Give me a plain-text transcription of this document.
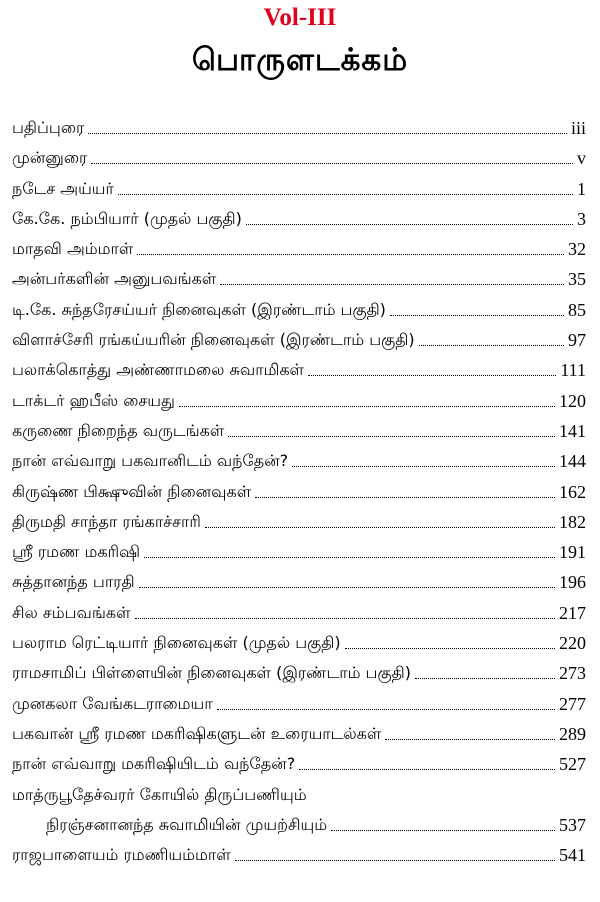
Vol-III
பொருளடக்கம்
பதிப்புரை	iii
முன்னுரை	v
நடேச அய்யர்	1
கே.கே. நம்பியார் (முதல் பகுதி)	3
மாதவி அம்மாள்	32
அன்பர்களின் அனுபவங்கள்	35
டி.கே. சுந்தரேசய்யர் நினைவுகள் (இரண்டாம் பகுதி)	85
விளாச்சேரி ரங்கய்யரின் நினைவுகள் (இரண்டாம் பகுதி)	97
பலாக்கொத்து அண்ணாமலை சுவாமிகள்	111
டாக்டர் ஹபீஸ் சையது	120
கருணை நிறைந்த வருடங்கள்	141
நான் எவ்வாறு பகவானிடம் வந்தேன்?	144
கிருஷ்ண பிக்ஷுவின் நினைவுகள்	162
திருமதி சாந்தா ரங்காச்சாரி	182
ஸ்ரீ ரமண மகரிஷி	191
சுத்தானந்த பாரதி	196
சில சம்பவங்கள்	217
பலராம ரெட்டியார் நினைவுகள் (முதல் பகுதி)	220
ராமசாமிப் பிள்ளையின் நினைவுகள் (இரண்டாம் பகுதி)	273
முனகலா வேங்கடராமையா	277
பகவான் ஸ்ரீ ரமண மகரிஷிகளுடன் உரையாடல்கள்	289
நான் எவ்வாறு மகரிஷியிடம் வந்தேன்?	527
மாத்ருபூதேச்வரர் கோயில் திருப்பணியும்
நிரஞ்சனானந்த சுவாமியின் முயற்சியும்	537
ராஜபாளையம் ரமணியம்மாள்	541
